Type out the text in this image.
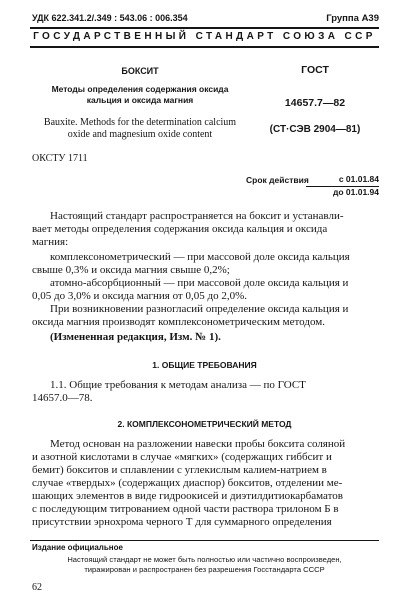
УДК 622.341.2/.349 : 543.06 : 006.354	Группа А39
ГОСУДАРСТВЕННЫЙ СТАНДАРТ СОЮЗА ССР
БОКСИТ
Методы определения содержания оксида
кальция и оксида магния
Bauxite. Methods for the determination calcium
oxide and magnesium oxide content
ГОСТ
14657.7—82
(СТ·СЭВ 2904—81)
ОКСТУ 1711
Срок действия	с 01.01.84
до 01.01.94
Настоящий стандарт распространяется на боксит и устанавли-
вает методы определения содержания оксида кальция и оксида
магния:
комплексонометрический — при массовой доле оксида кальция
свыше 0,3% и оксида магния свыше 0,2%;
атомно-абсорбционный — при массовой доле оксида кальция и
0,05 до 3,0% и оксида магния от 0,05 до 2,0%.
При возникновении разногласий определение оксида кальция и
оксида магния производят комплексонометрическим методом.
(Измененная редакция, Изм. № 1).
1. ОБЩИЕ ТРЕБОВАНИЯ
1.1. Общие требования к методам анализа — по ГОСТ
14657.0—78.
2. КОМПЛЕКСОНОМЕТРИЧЕСКИЙ МЕТОД
Метод основан на разложении навески пробы боксита соляной
и азотной кислотами в случае «мягких» (содержащих гиббсит и
бемит) бокситов и сплавлении с углекислым калием-натрием в
случае «твердых» (содержащих диаспор) бокситов, отделении ме-
шающих элементов в виде гидроокисей и диэтилдитиокарбаматов
с последующим титрованием одной части раствора трилоном Б в
присутствии эрнохрома черного Т для суммарного определения
Издание официальное
Настоящий стандарт не может быть полностью или частично воспроизведен,
тиражирован и распространен без разрешения Госстандарта СССР
62
